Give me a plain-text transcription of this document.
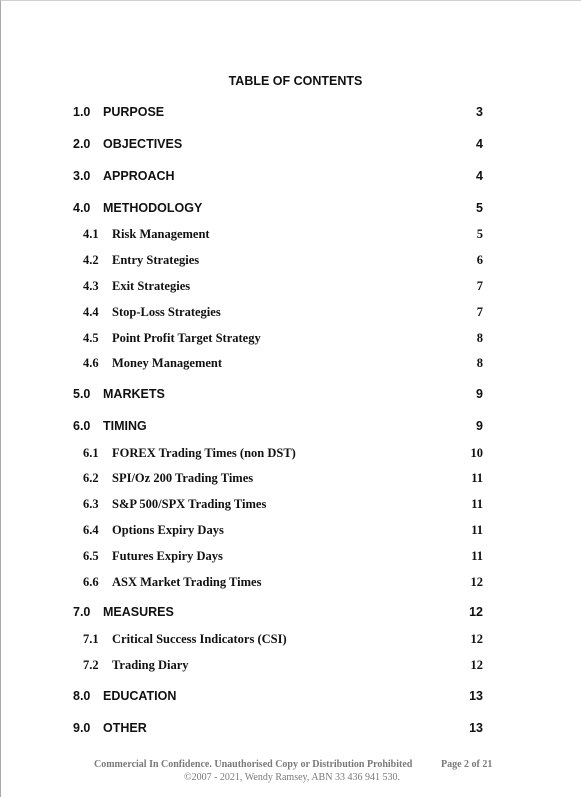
TABLE OF CONTENTS
1.0 PURPOSE	3
2.0 OBJECTIVES	4
3.0 APPROACH	4
4.0 METHODOLOGY	5
4.1 Risk Management	5
4.2 Entry Strategies	6
4.3 Exit Strategies	7
4.4 Stop-Loss Strategies	7
4.5 Point Profit Target Strategy	8
4.6 Money Management	8
5.0 MARKETS	9
6.0 TIMING	9
6.1 FOREX Trading Times (non DST)	10
6.2 SPI/Oz 200 Trading Times	11
6.3 S&P 500/SPX Trading Times	11
6.4 Options Expiry Days	11
6.5 Futures Expiry Days	11
6.6 ASX Market Trading Times	12
7.0 MEASURES	12
7.1 Critical Success Indicators (CSI)	12
7.2 Trading Diary	12
8.0 EDUCATION	13
9.0 OTHER	13
Commercial In Confidence. Unauthorised Copy or Distribution Prohibited	Page 2 of 21
©2007 - 2021, Wendy Ramsey, ABN 33 436 941 530.
